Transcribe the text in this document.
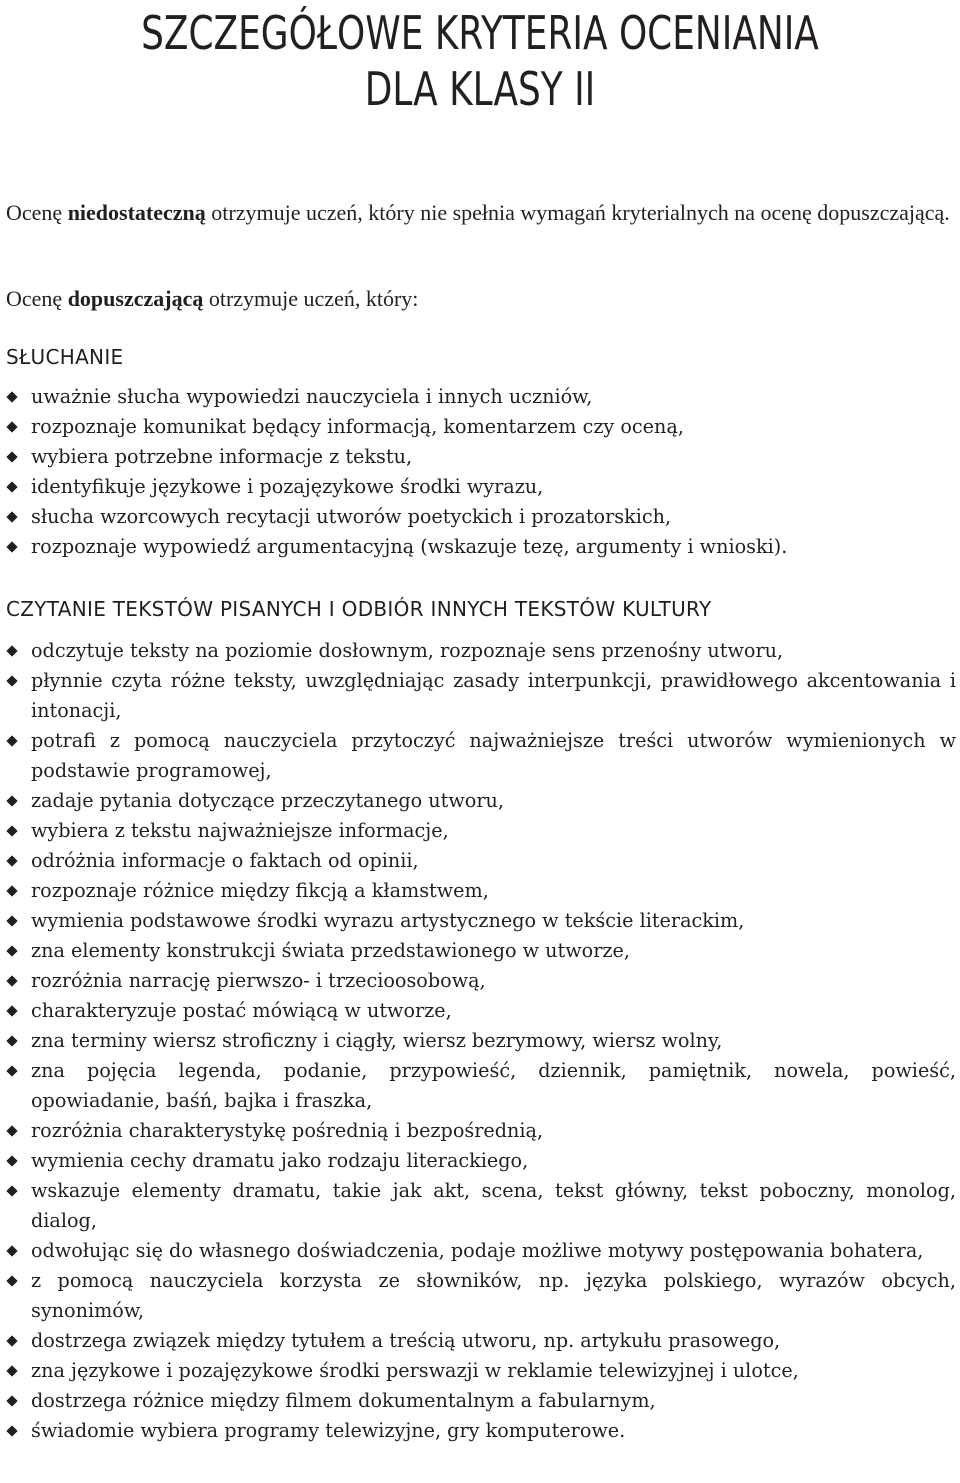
SZCZEGÓŁOWE KRYTERIA OCENIANIA
DLA KLASY II

Ocenę niedostateczną otrzymuje uczeń, który nie spełnia wymagań kryterialnych na ocenę dopuszczającą.

Ocenę dopuszczającą otrzymuje uczeń, który:

SŁUCHANIE
uważnie słucha wypowiedzi nauczyciela i innych uczniów,
rozpoznaje komunikat będący informacją, komentarzem czy oceną,
wybiera potrzebne informacje z tekstu,
identyfikuje językowe i pozajęzykowe środki wyrazu,
słucha wzorcowych recytacji utworów poetyckich i prozatorskich,
rozpoznaje wypowiedź argumentacyjną (wskazuje tezę, argumenty i wnioski).
CZYTANIE TEKSTÓW PISANYCH I ODBIÓR INNYCH TEKSTÓW KULTURY
odczytuje teksty na poziomie dosłownym, rozpoznaje sens przenośny utworu,
płynnie czyta różne teksty, uwzględniając zasady interpunkcji, prawidłowego akcentowania i intonacji,
potrafi z pomocą nauczyciela przytoczyć najważniejsze treści utworów wymienionych w podstawie programowej,
zadaje pytania dotyczące przeczytanego utworu,
wybiera z tekstu najważniejsze informacje,
odróżnia informacje o faktach od opinii,
rozpoznaje różnice między fikcją a kłamstwem,
wymienia podstawowe środki wyrazu artystycznego w tekście literackim,
zna elementy konstrukcji świata przedstawionego w utworze,
rozróżnia narrację pierwszo- i trzecioosobową,
charakteryzuje postać mówiącą w utworze,
zna terminy wiersz stroficzny i ciągły, wiersz bezrymowy, wiersz wolny,
zna pojęcia legenda, podanie, przypowieść, dziennik, pamiętnik, nowela, powieść, opowiadanie, baśń, bajka i fraszka,
rozróżnia charakterystykę pośrednią i bezpośrednią,
wymienia cechy dramatu jako rodzaju literackiego,
wskazuje elementy dramatu, takie jak akt, scena, tekst główny, tekst poboczny, monolog, dialog,
odwołując się do własnego doświadczenia, podaje możliwe motywy postępowania bohatera,
z pomocą nauczyciela korzysta ze słowników, np. języka polskiego, wyrazów obcych, synonimów,
dostrzega związek między tytułem a treścią utworu, np. artykułu prasowego,
zna językowe i pozajęzykowe środki perswazji w reklamie telewizyjnej i ulotce,
dostrzega różnice między filmem dokumentalnym a fabularnym,
świadomie wybiera programy telewizyjne, gry komputerowe.
